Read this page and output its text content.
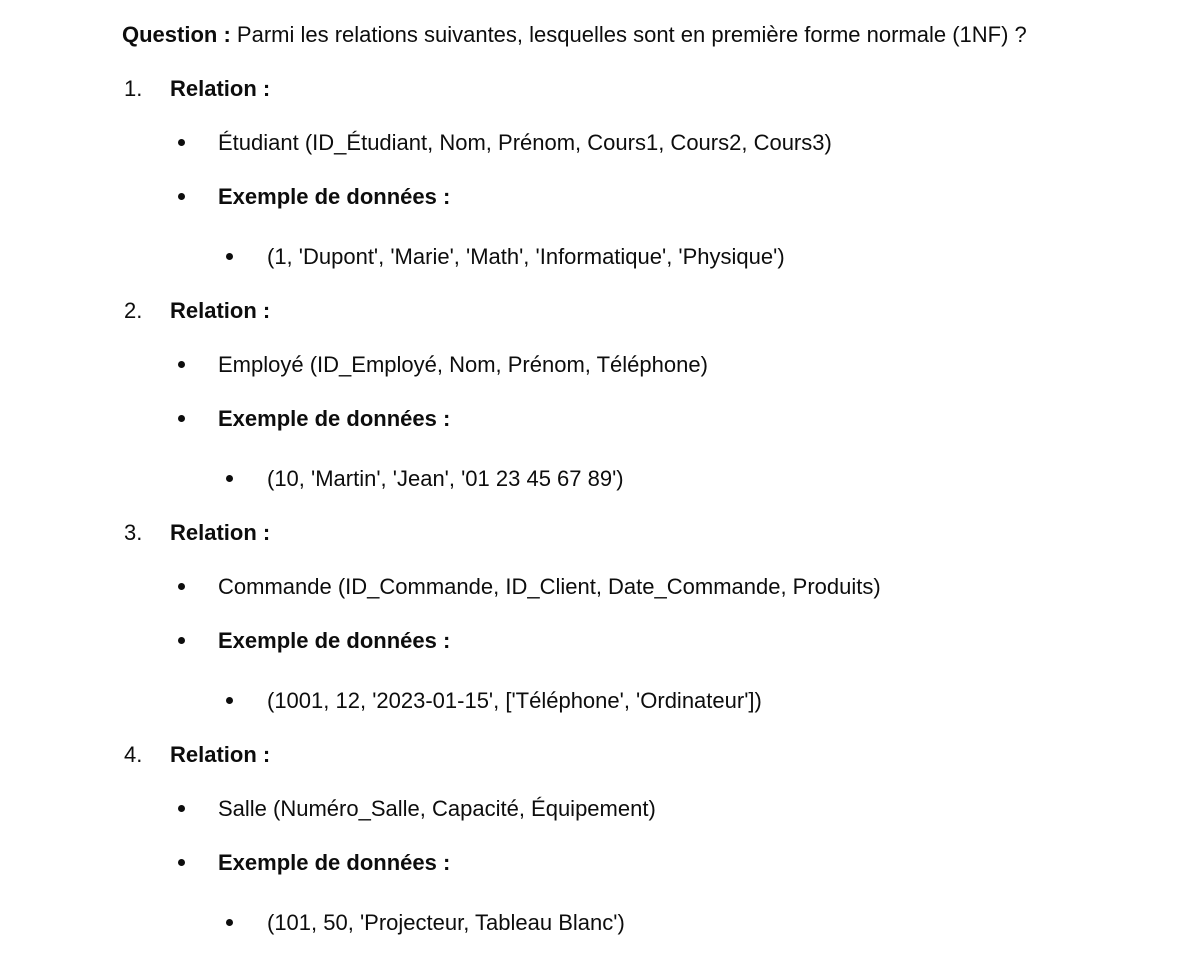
Question : Parmi les relations suivantes, lesquelles sont en première forme normale (1NF) ?
1.	Relation :
Étudiant (ID_Étudiant, Nom, Prénom, Cours1, Cours2, Cours3)
Exemple de données :
(1, 'Dupont', 'Marie', 'Math', 'Informatique', 'Physique')
2.	Relation :
Employé (ID_Employé, Nom, Prénom, Téléphone)
Exemple de données :
(10, 'Martin', 'Jean', '01 23 45 67 89')
3.	Relation :
Commande (ID_Commande, ID_Client, Date_Commande, Produits)
Exemple de données :
(1001, 12, '2023-01-15', ['Téléphone', 'Ordinateur'])
4.	Relation :
Salle (Numéro_Salle, Capacité, Équipement)
Exemple de données :
(101, 50, 'Projecteur, Tableau Blanc')
